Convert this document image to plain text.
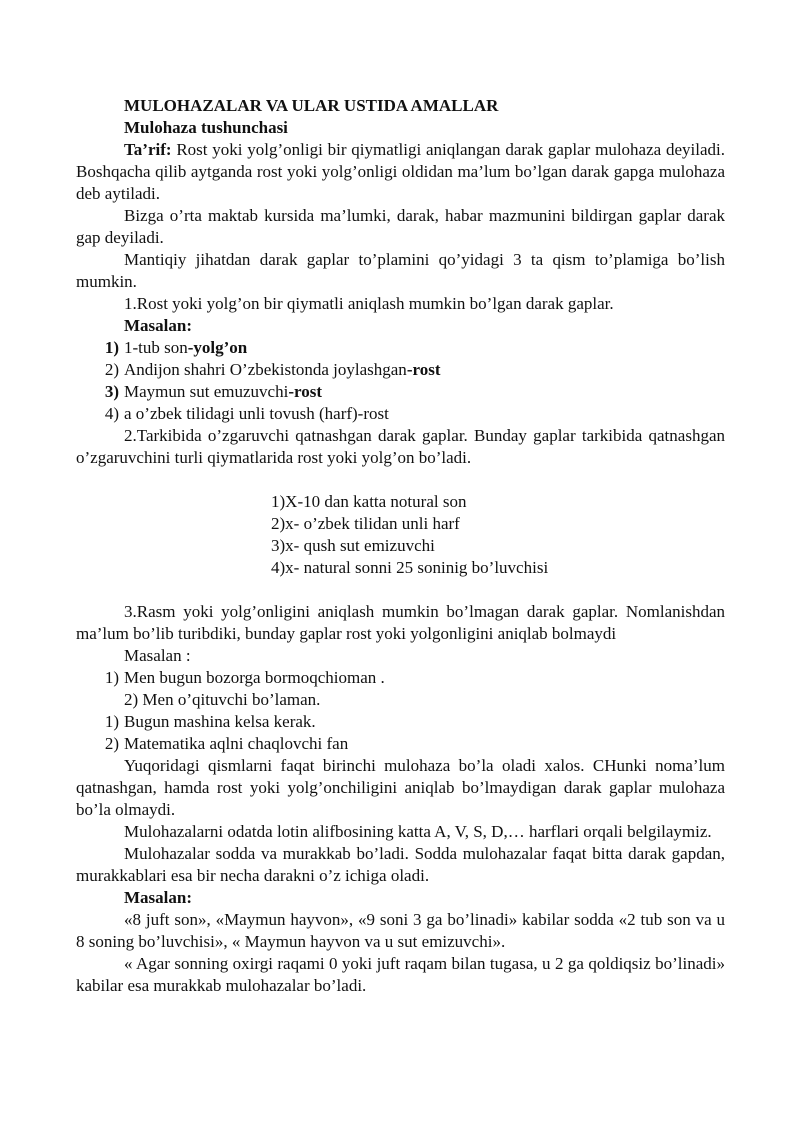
MULOHAZALAR VA ULAR USTIDA AMALLAR

Mulohaza tushunchasi

Ta’rif: Rost yoki yolg’onligi bir qiymatligi aniqlangan darak gaplar mulohaza deyiladi. Boshqacha qilib aytganda rost yoki yolg’onligi oldidan ma’lum bo’lgan darak gapga mulohaza deb aytiladi.

Bizga o’rta maktab kursida ma’lumki, darak, habar mazmunini bildirgan gaplar darak gap deyiladi.

Mantiqiy jihatdan darak gaplar to’plamini qo’yidagi 3 ta qism to’plamiga bo’lish mumkin.

1.Rost yoki yolg’on bir qiymatli aniqlash mumkin bo’lgan darak gaplar.

Masalan:

1) 1-tub son-yolg’on
2) Andijon shahri O’zbekistonda joylashgan-rost
3) Maymun sut emuzuvchi-rost
4) a o’zbek tilidagi unli tovush (harf)-rost

2.Tarkibida o’zgaruvchi qatnashgan darak gaplar. Bunday gaplar tarkibida qatnashgan o’zgaruvchini turli qiymatlarida rost yoki yolg’on bo’ladi.

1)X-10 dan katta notural son

2)x- o’zbek tilidan unli harf

3)x- qush sut emizuvchi

4)x- natural sonni 25 soninig bo’luvchisi

3.Rasm yoki yolg’onligini aniqlash mumkin bo’lmagan darak gaplar. Nomlanishdan ma’lum bo’lib turibdiki, bunday gaplar rost yoki yolgonligini aniqlab bolmaydi

Masalan :

1) Men bugun bozorga bormoqchioman .

2) Men o’qituvchi bo’laman.

1) Bugun mashina kelsa kerak.
2) Matematika aqlni chaqlovchi fan

Yuqoridagi qismlarni faqat birinchi mulohaza bo’la oladi xalos. CHunki noma’lum qatnashgan, hamda rost yoki yolg’onchiligini aniqlab bo’lmaydigan darak gaplar mulohaza bo’la olmaydi.

Mulohazalarni odatda lotin alifbosining katta A, V, S, D,… harflari orqali belgilaymiz.

Mulohazalar sodda va murakkab bo’ladi. Sodda mulohazalar faqat bitta darak gapdan, murakkablari esa bir necha darakni o’z ichiga oladi.

Masalan:

«8 juft son», «Maymun hayvon», «9 soni 3 ga bo’linadi» kabilar sodda «2 tub son va u 8 soning bo’luvchisi», « Maymun hayvon va u sut emizuvchi».

« Agar sonning oxirgi raqami 0 yoki juft raqam bilan tugasa, u 2 ga qoldiqsiz bo’linadi» kabilar esa murakkab mulohazalar bo’ladi.
